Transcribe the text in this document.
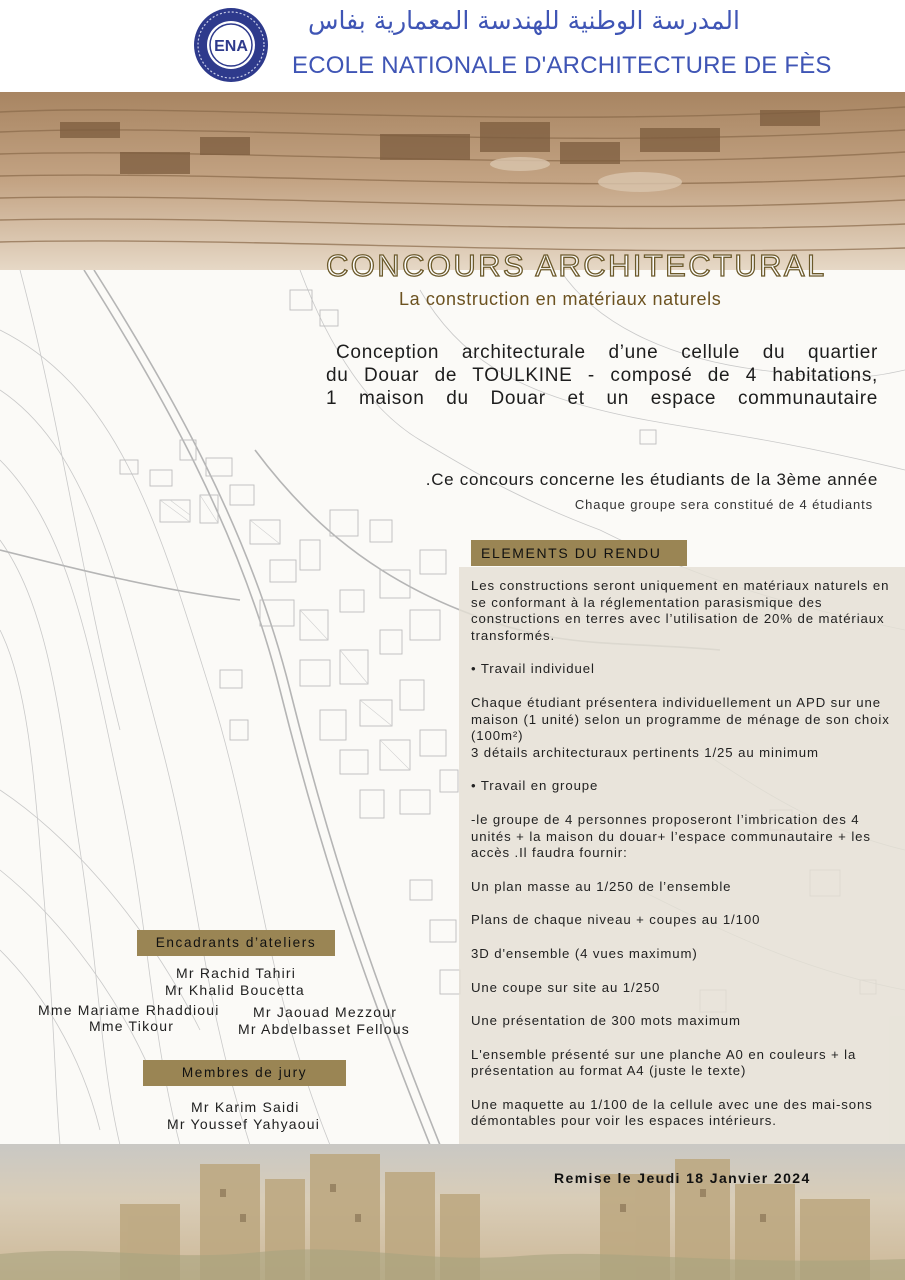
ENA
المدرسة الوطنية للهندسة المعمارية بفاس
ECOLE NATIONALE D'ARCHITECTURE DE FÈS
CONCOURS ARCHITECTURAL
La construction en matériaux naturels
Conception architecturale d’une cellule du quartier
du Douar de TOULKINE - composé de 4 habitations,
1 maison du Douar et un espace communautaire
.Ce concours concerne les étudiants de la 3ème année
Chaque groupe sera constitué de 4 étudiants
ELEMENTS DU RENDU

Les constructions seront uniquement en matériaux naturels en se conformant à la réglementation parasismique des constructions en terres avec l’utilisation de 20% de matériaux transformés.

• Travail individuel

Chaque étudiant présentera individuellement un APD sur une maison (1 unité) selon un programme de ménage de son choix (100m²)

3 détails architecturaux pertinents 1/25 au minimum

• Travail en groupe

-le groupe de 4 personnes proposeront l’imbrication des 4 unités + la maison du douar+ l’espace communautaire + les accès .Il faudra fournir:

Un plan masse au 1/250 de l’ensemble

Plans de chaque niveau + coupes au 1/100

3D d'ensemble (4 vues maximum)

Une coupe sur site au 1/250

Une présentation de 300 mots maximum

L'ensemble présenté sur une planche A0 en couleurs + la présentation au format A4 (juste le texte)

Une maquette au 1/100 de la cellule avec une des mai-sons démontables pour voir les espaces intérieurs.

Encadrants d’ateliers
Mr Rachid Tahiri
Mr Khalid Boucetta
Mme Mariame Rhaddioui
Mme Tikour
Mr Jaouad Mezzour
Mr Abdelbasset Fellous
Membres de jury
Mr Karim Saidi
Mr Youssef Yahyaoui
Remise le Jeudi 18 Janvier 2024
